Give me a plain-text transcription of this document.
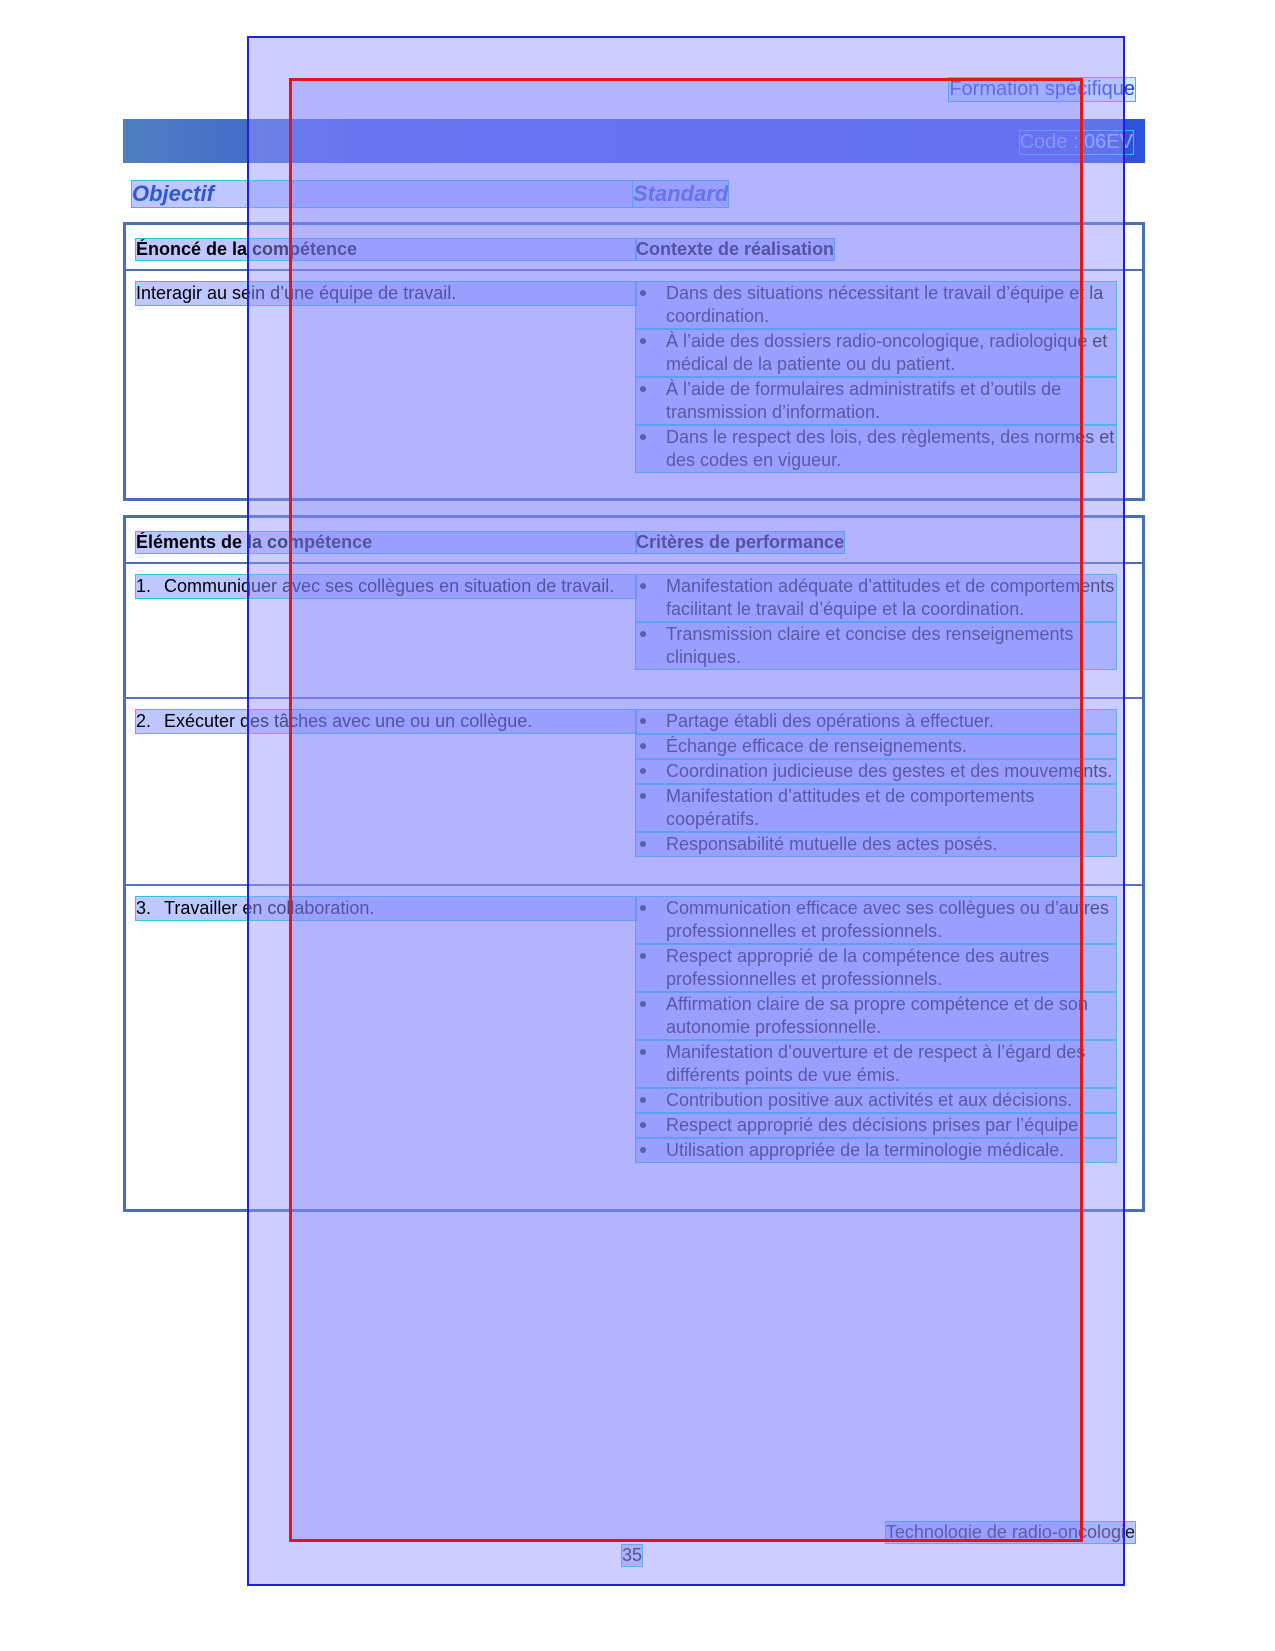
Formation spécifique
Code : 06EV
Objectif	Standard
Énoncé de la compétence	Contexte de réalisation
Interagir au sein d’une équipe de travail.	Dans des situations nécessitant le travail d’équipe et la coordination.
À l’aide des dossiers radio-oncologique, radiologique et médical de la patiente ou du patient.
À l’aide de formulaires administratifs et d’outils de transmission d’information.
Dans le respect des lois, des règlements, des normes et des codes en vigueur.
Éléments de la compétence	Critères de performance
1. Communiquer avec ses collègues en situation de travail.	Manifestation adéquate d’attitudes et de comportements facilitant le travail d’équipe et la coordination.
Transmission claire et concise des renseignements cliniques.
2. Exécuter des tâches avec une ou un collègue.	Partage établi des opérations à effectuer.
Échange efficace de renseignements.
Coordination judicieuse des gestes et des mouvements.
Manifestation d’attitudes et de comportements coopératifs.
Responsabilité mutuelle des actes posés.
3. Travailler en collaboration.	Communication efficace avec ses collègues ou d’autres professionnelles et professionnels.
Respect approprié de la compétence des autres professionnelles et professionnels.
Affirmation claire de sa propre compétence et de son autonomie professionnelle.
Manifestation d’ouverture et de respect à l’égard des différents points de vue émis.
Contribution positive aux activités et aux décisions.
Respect approprié des décisions prises par l’équipe.
Utilisation appropriée de la terminologie médicale.
Technologie de radio-oncologie
35
